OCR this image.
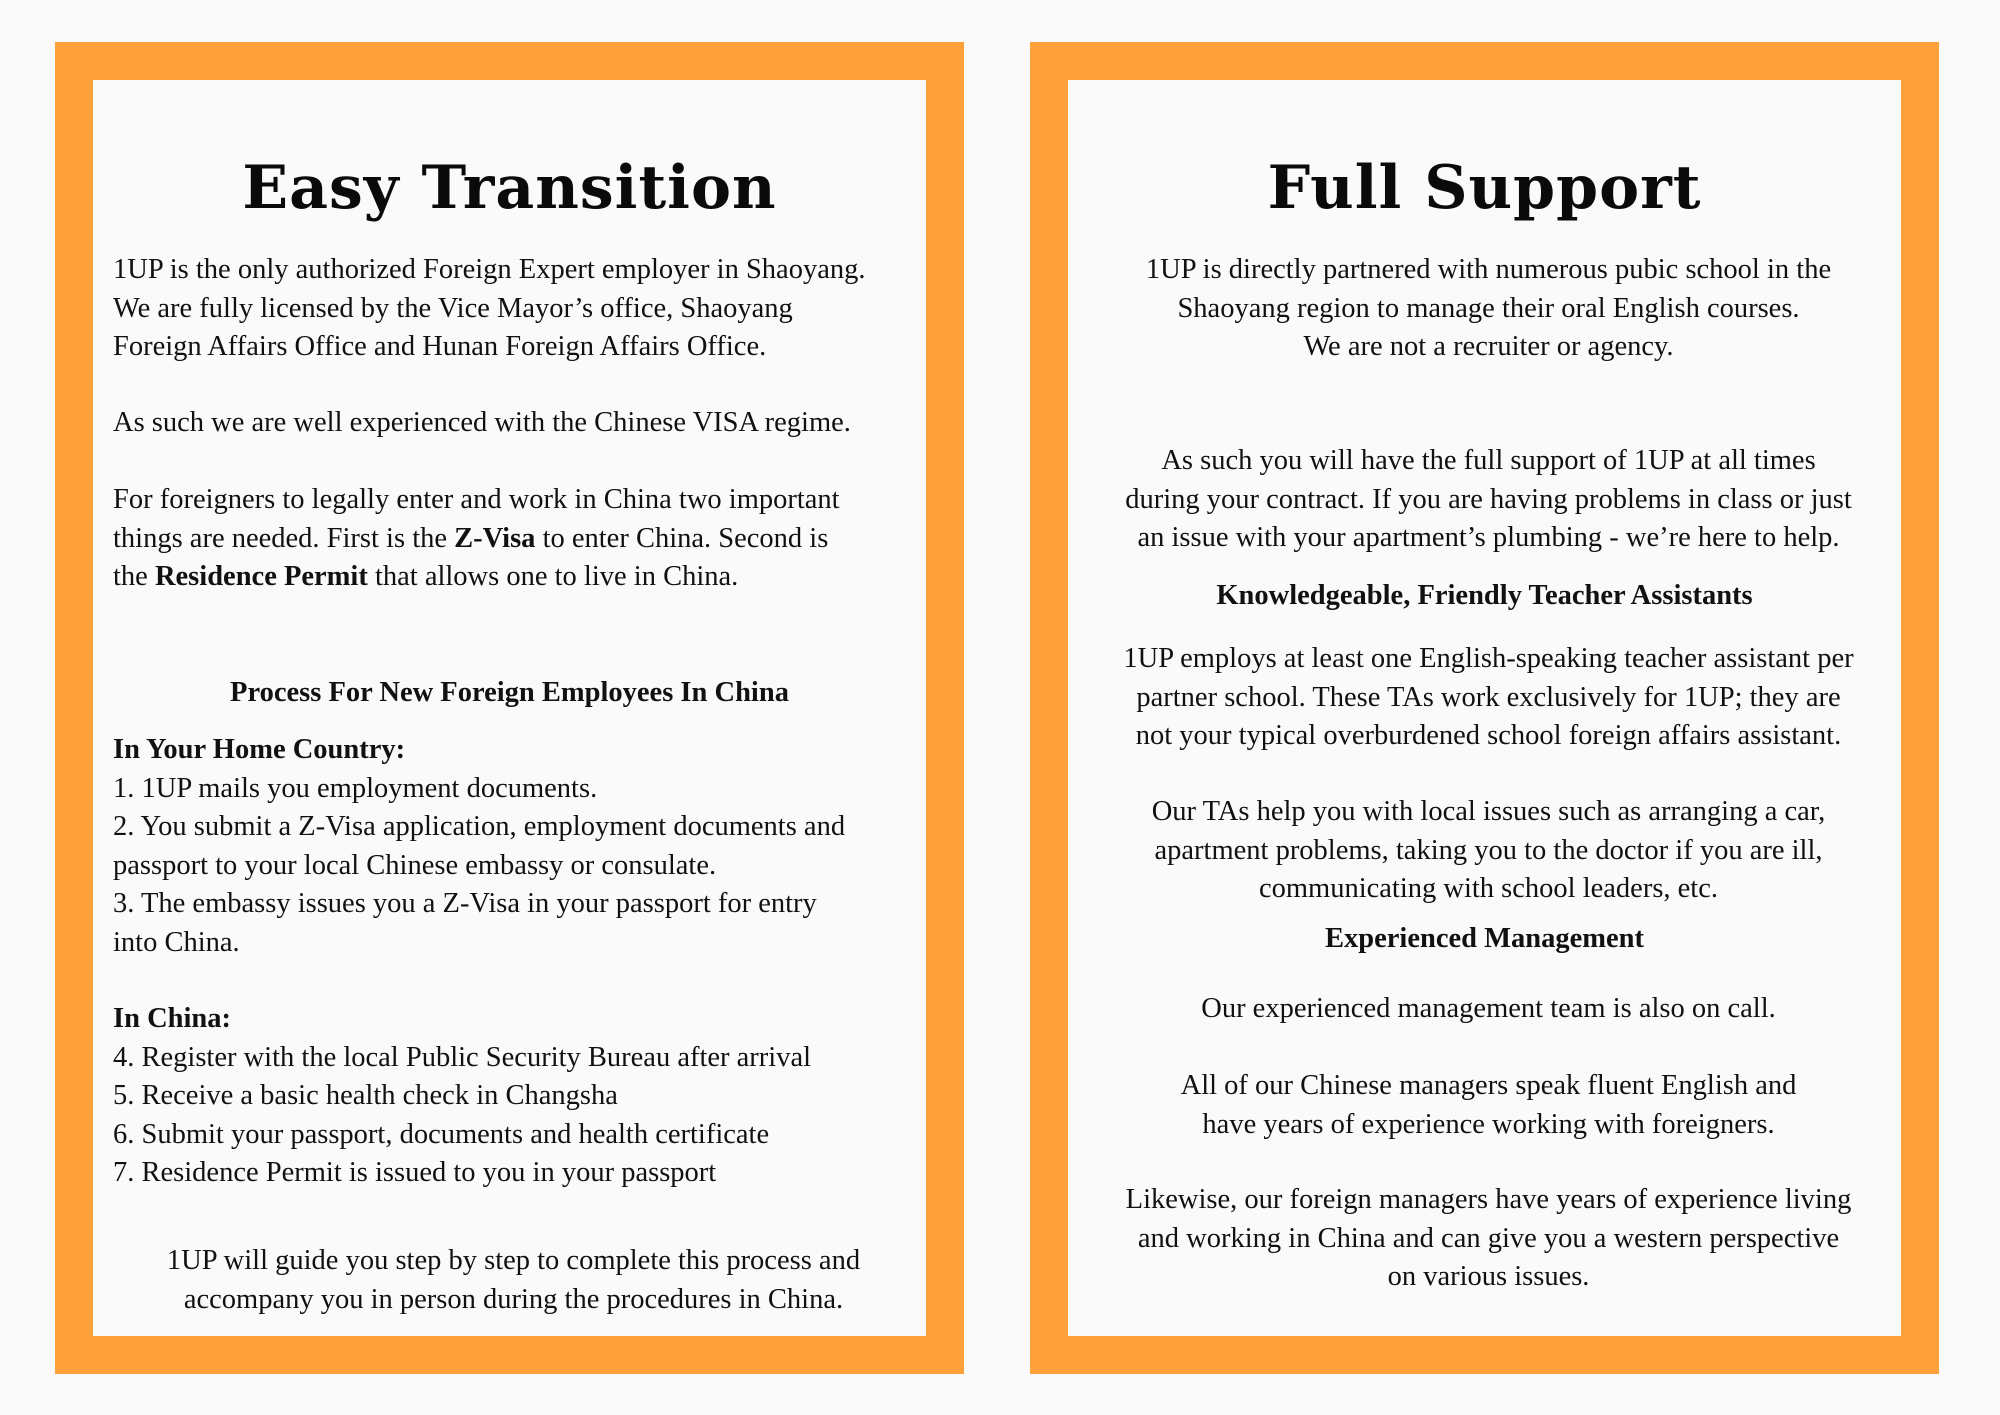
Easy Transition

1UP is the only authorized Foreign Expert employer in Shaoyang.
We are fully licensed by the Vice Mayor’s office, Shaoyang
Foreign Affairs Office and Hunan Foreign Affairs Office.

As such we are well experienced with the Chinese VISA regime.

For foreigners to legally enter and work in China two important
things are needed. First is the Z-Visa to enter China. Second is
the Residence Permit that allows one to live in China.

Process For New Foreign Employees In China

In Your Home Country:
1. 1UP mails you employment documents.
2. You submit a Z-Visa application, employment documents and
passport to your local Chinese embassy or consulate.
3. The embassy issues you a Z-Visa in your passport for entry
into China.

In China:
4. Register with the local Public Security Bureau after arrival
5. Receive a basic health check in Changsha
6. Submit your passport, documents and health certificate
7. Residence Permit is issued to you in your passport

1UP will guide you step by step to complete this process and
accompany you in person during the procedures in China.

Full Support

1UP is directly partnered with numerous pubic school in the
Shaoyang region to manage their oral English courses.
We are not a recruiter or agency.

As such you will have the full support of 1UP at all times
during your contract. If you are having problems in class or just
an issue with your apartment’s plumbing - we’re here to help.

Knowledgeable, Friendly Teacher Assistants

1UP employs at least one English-speaking teacher assistant per
partner school. These TAs work exclusively for 1UP; they are
not your typical overburdened school foreign affairs assistant.

Our TAs help you with local issues such as arranging a car,
apartment problems, taking you to the doctor if you are ill,
communicating with school leaders, etc.

Experienced Management

Our experienced management team is also on call.

All of our Chinese managers speak fluent English and
have years of experience working with foreigners.

Likewise, our foreign managers have years of experience living
and working in China and can give you a western perspective
on various issues.
